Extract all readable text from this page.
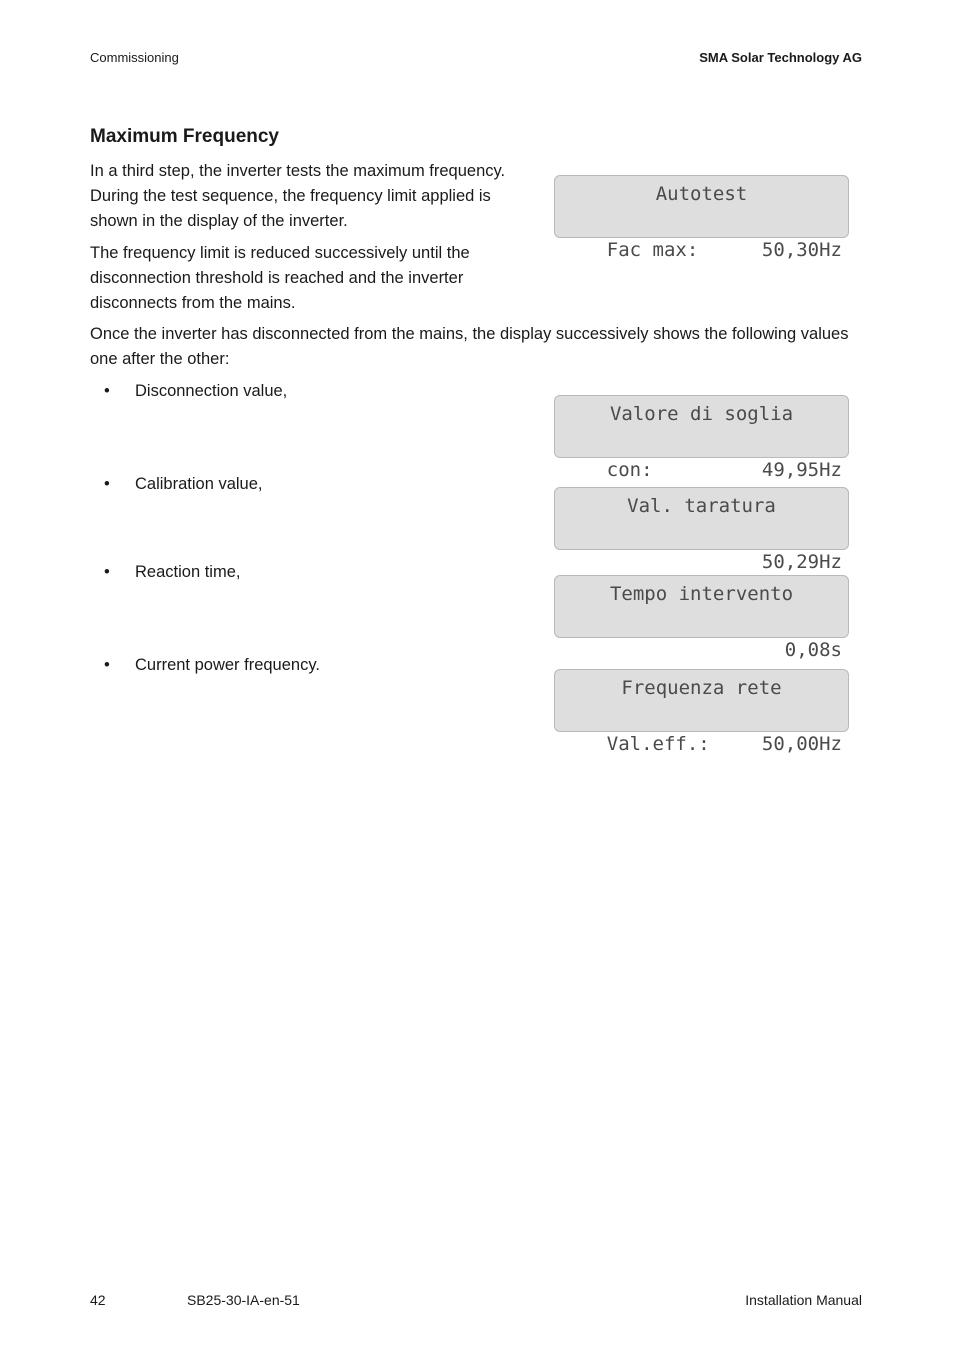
Commissioning	SMA Solar Technology AG
Maximum Frequency

In a third step, the inverter tests the maximum frequency. During the test sequence, the frequency limit applied is shown in the display of the inverter.

The frequency limit is reduced successively until the disconnection threshold is reached and the inverter disconnects from the mains.

Once the inverter has disconnected from the mains, the display successively shows the following values one after the other:

• Disconnection value,
• Calibration value,
• Reaction time,
• Current power frequency.
Autotest

Fac max:	50,30Hz

Valore di soglia

con:	49,95Hz

Val. taratura

50,29Hz

Tempo intervento

0,08s

Frequenza rete

Val.eff.:	50,00Hz

42	SB25-30-IA-en-51	Installation Manual
